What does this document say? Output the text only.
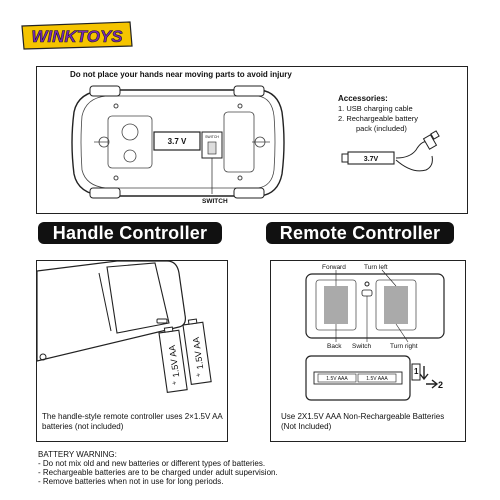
WINKTOYS
Do not place your hands near moving parts to avoid injury
3.7 V	SWITCH
SWITCH
Accessories:
1. USB charging cable
2. Rechargeable battery
pack (included)
3.7V
Handle Controller	Remote Controller
1.5V AA
+
1.5V AA
+
The handle-style remote controller uses 2×1.5V AA batteries (not included)
1.5V AAA	1.5V AAA
1
2
Forward	Turn left
Back Switch	Turn right
Use 2X1.5V AAA Non-Rechargeable Batteries (Not Included)
BATTERY WARNING:
- Do not mix old and new batteries or different types of batteries.
- Rechargeable batteries are to be charged under adult supervision.
- Remove batteries when not in use for long periods.
